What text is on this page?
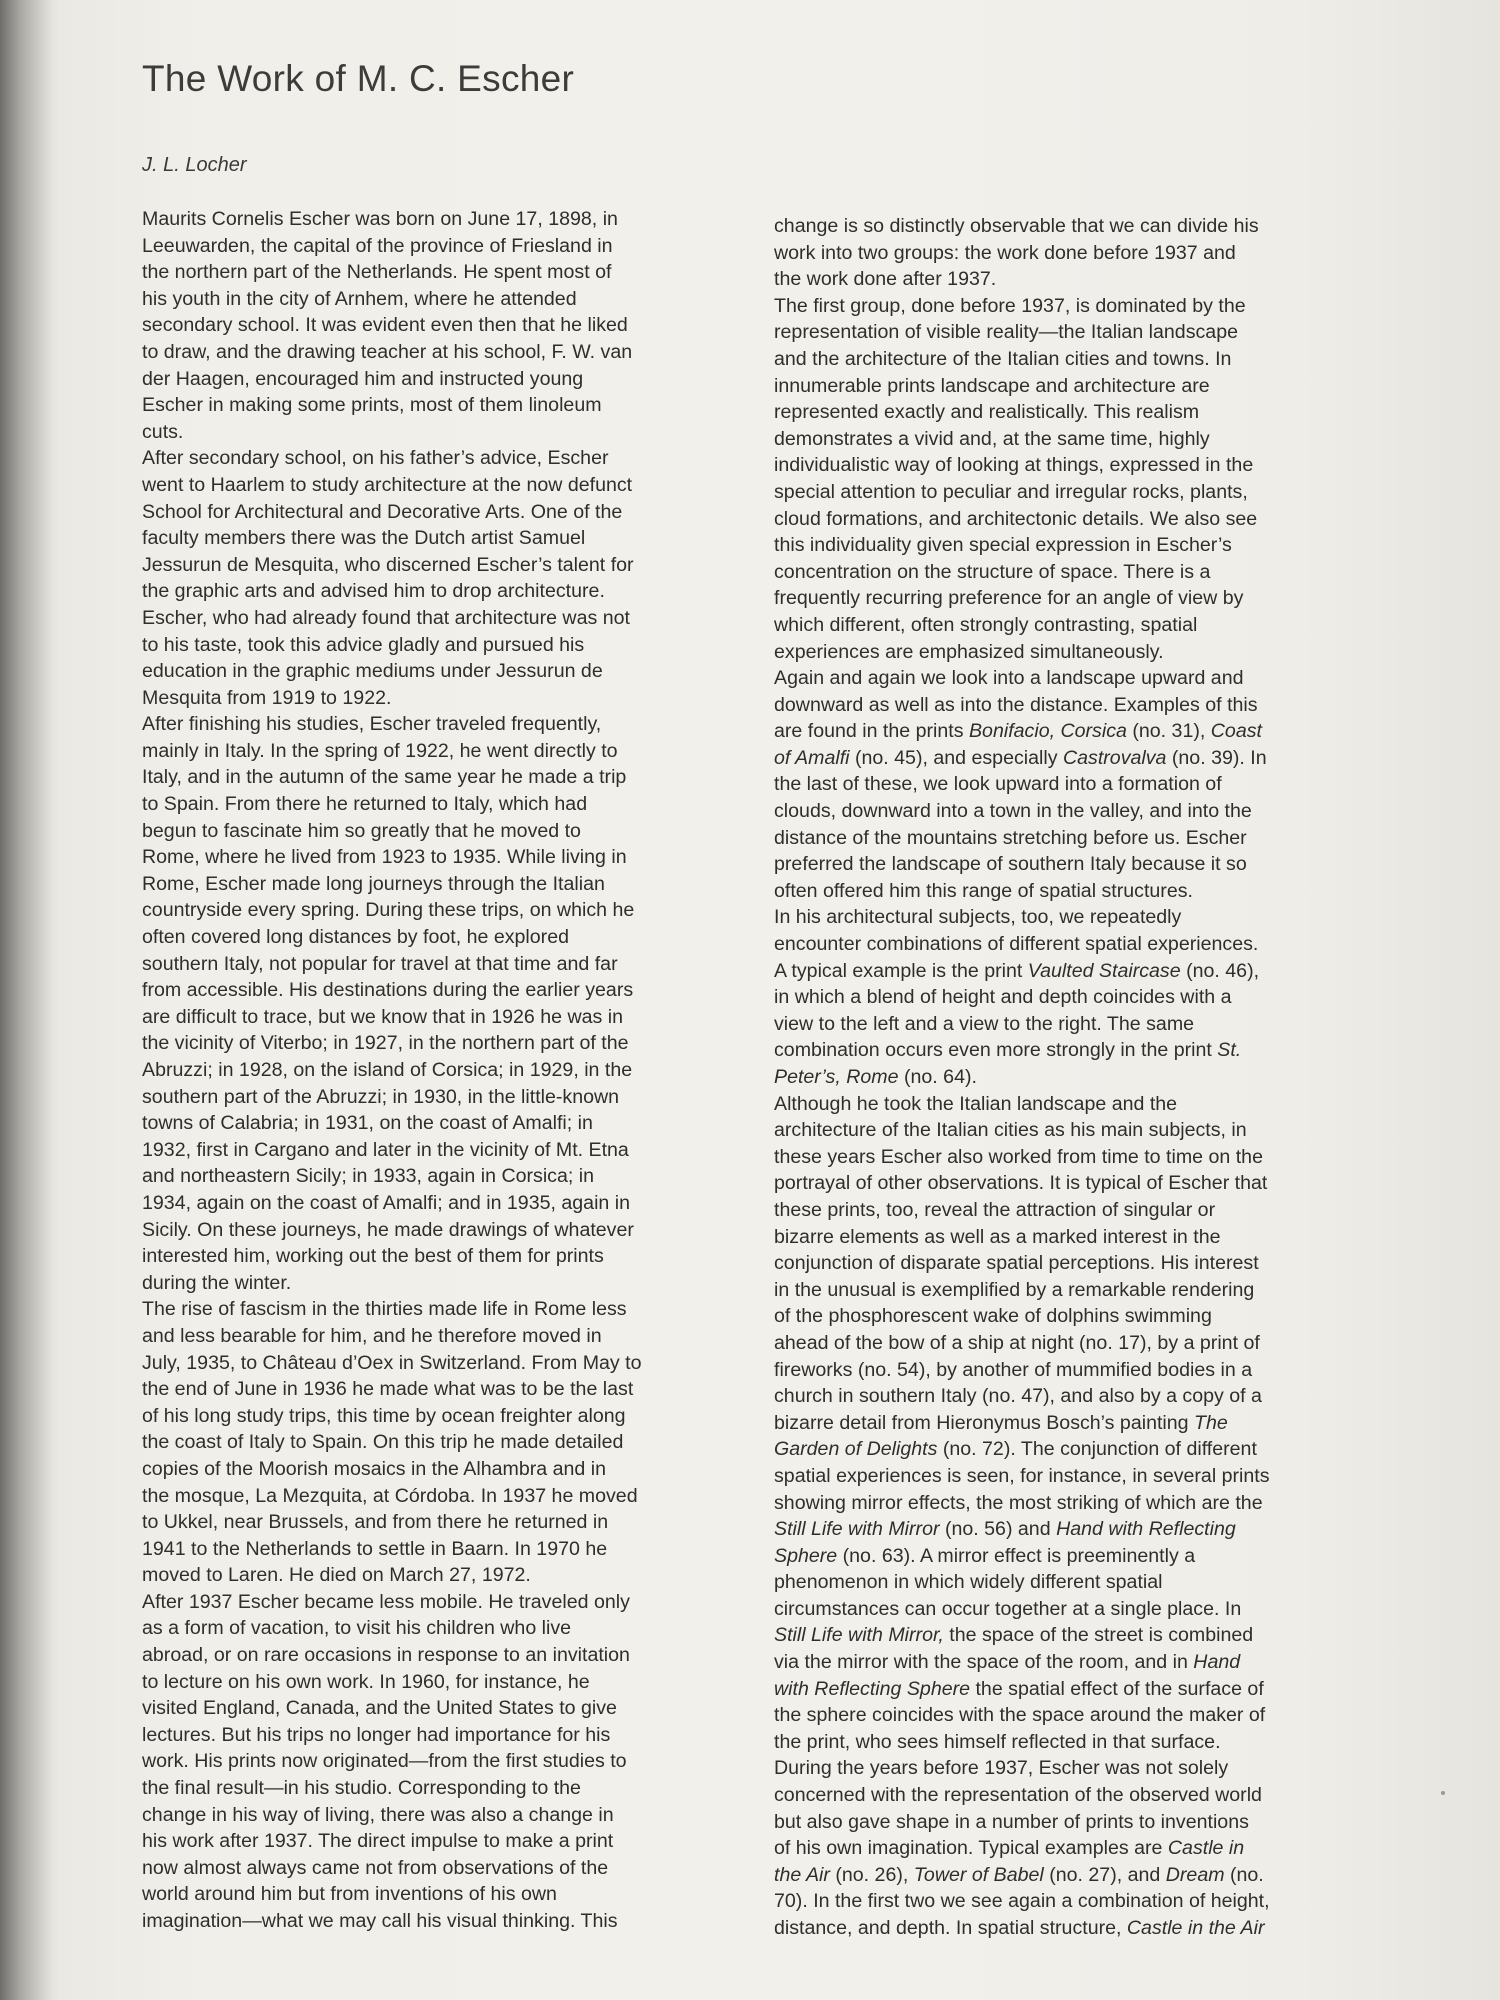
The Work of M. C. Escher
J. L. Locher
Maurits Cornelis Escher was born on June 17, 1898, in
Leeuwarden, the capital of the province of Friesland in
the northern part of the Netherlands. He spent most of
his youth in the city of Arnhem, where he attended
secondary school. It was evident even then that he liked
to draw, and the drawing teacher at his school, F. W. van
der Haagen, encouraged him and instructed young
Escher in making some prints, most of them linoleum
cuts.
After secondary school, on his father’s advice, Escher
went to Haarlem to study architecture at the now defunct
School for Architectural and Decorative Arts. One of the
faculty members there was the Dutch artist Samuel
Jessurun de Mesquita, who discerned Escher’s talent for
the graphic arts and advised him to drop architecture.
Escher, who had already found that architecture was not
to his taste, took this advice gladly and pursued his
education in the graphic mediums under Jessurun de
Mesquita from 1919 to 1922.
After finishing his studies, Escher traveled frequently,
mainly in Italy. In the spring of 1922, he went directly to
Italy, and in the autumn of the same year he made a trip
to Spain. From there he returned to Italy, which had
begun to fascinate him so greatly that he moved to
Rome, where he lived from 1923 to 1935. While living in
Rome, Escher made long journeys through the Italian
countryside every spring. During these trips, on which he
often covered long distances by foot, he explored
southern Italy, not popular for travel at that time and far
from accessible. His destinations during the earlier years
are difficult to trace, but we know that in 1926 he was in
the vicinity of Viterbo; in 1927, in the northern part of the
Abruzzi; in 1928, on the island of Corsica; in 1929, in the
southern part of the Abruzzi; in 1930, in the little-known
towns of Calabria; in 1931, on the coast of Amalfi; in
1932, first in Cargano and later in the vicinity of Mt. Etna
and northeastern Sicily; in 1933, again in Corsica; in
1934, again on the coast of Amalfi; and in 1935, again in
Sicily. On these journeys, he made drawings of whatever
interested him, working out the best of them for prints
during the winter.
The rise of fascism in the thirties made life in Rome less
and less bearable for him, and he therefore moved in
July, 1935, to Château d’Oex in Switzerland. From May to
the end of June in 1936 he made what was to be the last
of his long study trips, this time by ocean freighter along
the coast of Italy to Spain. On this trip he made detailed
copies of the Moorish mosaics in the Alhambra and in
the mosque, La Mezquita, at Córdoba. In 1937 he moved
to Ukkel, near Brussels, and from there he returned in
1941 to the Netherlands to settle in Baarn. In 1970 he
moved to Laren. He died on March 27, 1972.
After 1937 Escher became less mobile. He traveled only
as a form of vacation, to visit his children who live
abroad, or on rare occasions in response to an invitation
to lecture on his own work. In 1960, for instance, he
visited England, Canada, and the United States to give
lectures. But his trips no longer had importance for his
work. His prints now originated—from the first studies to
the final result—in his studio. Corresponding to the
change in his way of living, there was also a change in
his work after 1937. The direct impulse to make a print
now almost always came not from observations of the
world around him but from inventions of his own
imagination—what we may call his visual thinking. This
change is so distinctly observable that we can divide his
work into two groups: the work done before 1937 and
the work done after 1937.
The first group, done before 1937, is dominated by the
representation of visible reality—the Italian landscape
and the architecture of the Italian cities and towns. In
innumerable prints landscape and architecture are
represented exactly and realistically. This realism
demonstrates a vivid and, at the same time, highly
individualistic way of looking at things, expressed in the
special attention to peculiar and irregular rocks, plants,
cloud formations, and architectonic details. We also see
this individuality given special expression in Escher’s
concentration on the structure of space. There is a
frequently recurring preference for an angle of view by
which different, often strongly contrasting, spatial
experiences are emphasized simultaneously.
Again and again we look into a landscape upward and
downward as well as into the distance. Examples of this
are found in the prints Bonifacio, Corsica (no. 31), Coast
of Amalfi (no. 45), and especially Castrovalva (no. 39). In
the last of these, we look upward into a formation of
clouds, downward into a town in the valley, and into the
distance of the mountains stretching before us. Escher
preferred the landscape of southern Italy because it so
often offered him this range of spatial structures.
In his architectural subjects, too, we repeatedly
encounter combinations of different spatial experiences.
A typical example is the print Vaulted Staircase (no. 46),
in which a blend of height and depth coincides with a
view to the left and a view to the right. The same
combination occurs even more strongly in the print St.
Peter’s, Rome (no. 64).
Although he took the Italian landscape and the
architecture of the Italian cities as his main subjects, in
these years Escher also worked from time to time on the
portrayal of other observations. It is typical of Escher that
these prints, too, reveal the attraction of singular or
bizarre elements as well as a marked interest in the
conjunction of disparate spatial perceptions. His interest
in the unusual is exemplified by a remarkable rendering
of the phosphorescent wake of dolphins swimming
ahead of the bow of a ship at night (no. 17), by a print of
fireworks (no. 54), by another of mummified bodies in a
church in southern Italy (no. 47), and also by a copy of a
bizarre detail from Hieronymus Bosch’s painting The
Garden of Delights (no. 72). The conjunction of different
spatial experiences is seen, for instance, in several prints
showing mirror effects, the most striking of which are the
Still Life with Mirror (no. 56) and Hand with Reflecting
Sphere (no. 63). A mirror effect is preeminently a
phenomenon in which widely different spatial
circumstances can occur together at a single place. In
Still Life with Mirror, the space of the street is combined
via the mirror with the space of the room, and in Hand
with Reflecting Sphere the spatial effect of the surface of
the sphere coincides with the space around the maker of
the print, who sees himself reflected in that surface.
During the years before 1937, Escher was not solely
concerned with the representation of the observed world
but also gave shape in a number of prints to inventions
of his own imagination. Typical examples are Castle in
the Air (no. 26), Tower of Babel (no. 27), and Dream (no.
70). In the first two we see again a combination of height,
distance, and depth. In spatial structure, Castle in the Air
